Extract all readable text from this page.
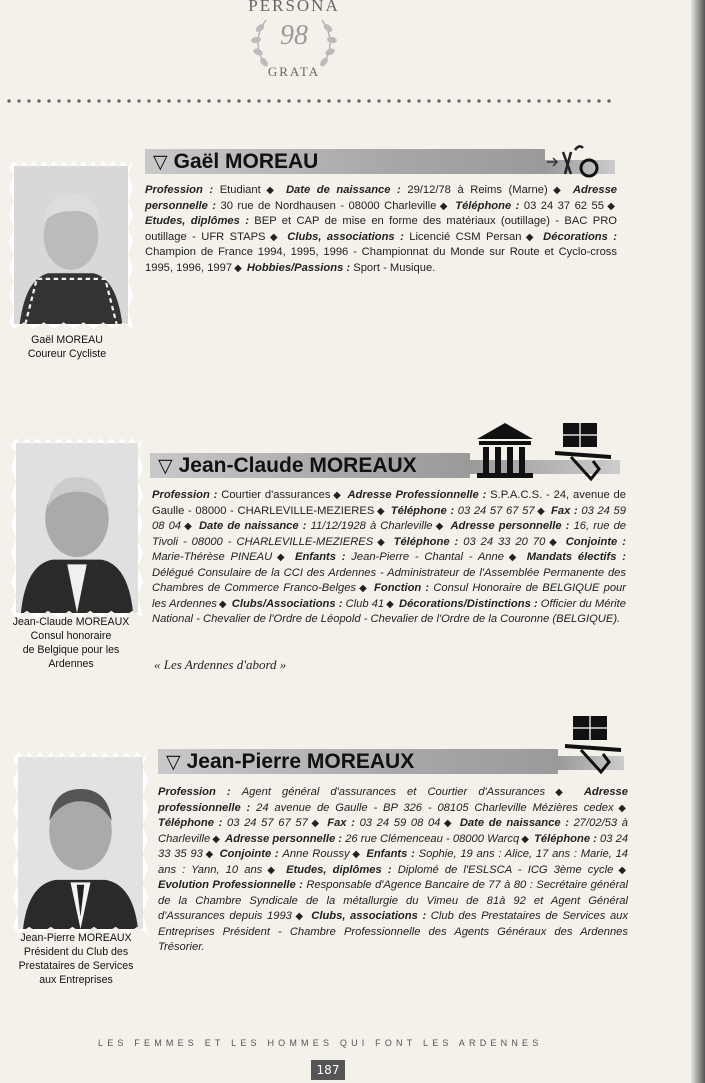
PERSONA
98
GRATA
Gaël MOREAU
Coureur Cycliste
▽ Gaël MOREAU
Profession : Etudiant ◆ Date de naissance : 29/12/78 à Reims (Marne) ◆ Adresse personnelle : 30 rue de Nordhausen - 08000 Charleville ◆ Téléphone : 03 24 37 62 55 ◆ Etudes, diplômes : BEP et CAP de mise en forme des matériaux (outillage) - BAC PRO outillage - UFR STAPS ◆ Clubs, associations : Licencié CSM Persan ◆ Décorations : Champion de France 1994, 1995, 1996 - Championnat du Monde sur Route et Cyclo-cross 1995, 1996, 1997 ◆ Hobbies/Passions : Sport - Musique.
Jean-Claude MOREAUX
Consul honoraire
de Belgique pour les
Ardennes
▽ Jean-Claude MOREAUX
Profession : Courtier d'assurances ◆ Adresse Professionnelle : S.P.A.C.S. - 24, avenue de Gaulle - 08000 - CHARLEVILLE-MEZIERES ◆ Téléphone : 03 24 57 67 57 ◆ Fax : 03 24 59 08 04 ◆ Date de naissance : 11/12/1928 à Charleville ◆ Adresse personnelle : 16, rue de Tivoli - 08000 - CHARLEVILLE-MEZIERES ◆ Téléphone : 03 24 33 20 70 ◆ Conjointe : Marie-Thérèse PINEAU ◆ Enfants : Jean-Pierre - Chantal - Anne ◆ Mandats électifs : Délégué Consulaire de la CCI des Ardennes - Administrateur de l'Assemblée Permanente des Chambres de Commerce Franco-Belges ◆ Fonction : Consul Honoraire de BELGIQUE pour les Ardennes ◆ Clubs/Associations : Club 41 ◆ Décorations/Distinctions : Officier du Mérite National - Chevalier de l'Ordre de Léopold - Chevalier de l'Ordre de la Couronne (BELGIQUE).
« Les Ardennes d'abord »
Jean-Pierre MOREAUX
Président du Club des
Prestataires de Services
aux Entreprises
▽ Jean-Pierre MOREAUX
Profession : Agent général d'assurances et Courtier d'Assurances ◆ Adresse professionnelle : 24 avenue de Gaulle - BP 326 - 08105 Charleville Mézières cedex ◆ Téléphone : 03 24 57 67 57 ◆ Fax : 03 24 59 08 04 ◆ Date de naissance : 27/02/53 à Charleville ◆ Adresse personnelle : 26 rue Clémenceau - 08000 Warcq ◆ Téléphone : 03 24 33 35 93 ◆ Conjointe : Anne Roussy ◆ Enfants : Sophie, 19 ans : Alice, 17 ans : Marie, 14 ans : Yann, 10 ans ◆ Etudes, diplômes : Diplomé de l'ESLSCA - ICG 3ème cycle ◆ Evolution Professionnelle : Responsable d'Agence Bancaire de 77 à 80 : Secrétaire général de la Chambre Syndicale de la métallurgie du Vimeu de 81à 92 et Agent Général d'Assurances depuis 1993 ◆ Clubs, associations : Club des Prestataires de Services aux Entreprises Président - Chambre Professionnelle des Agents Généraux des Ardennes Trésorier.
LES FEMMES ET LES HOMMES QUI FONT LES ARDENNES
187
